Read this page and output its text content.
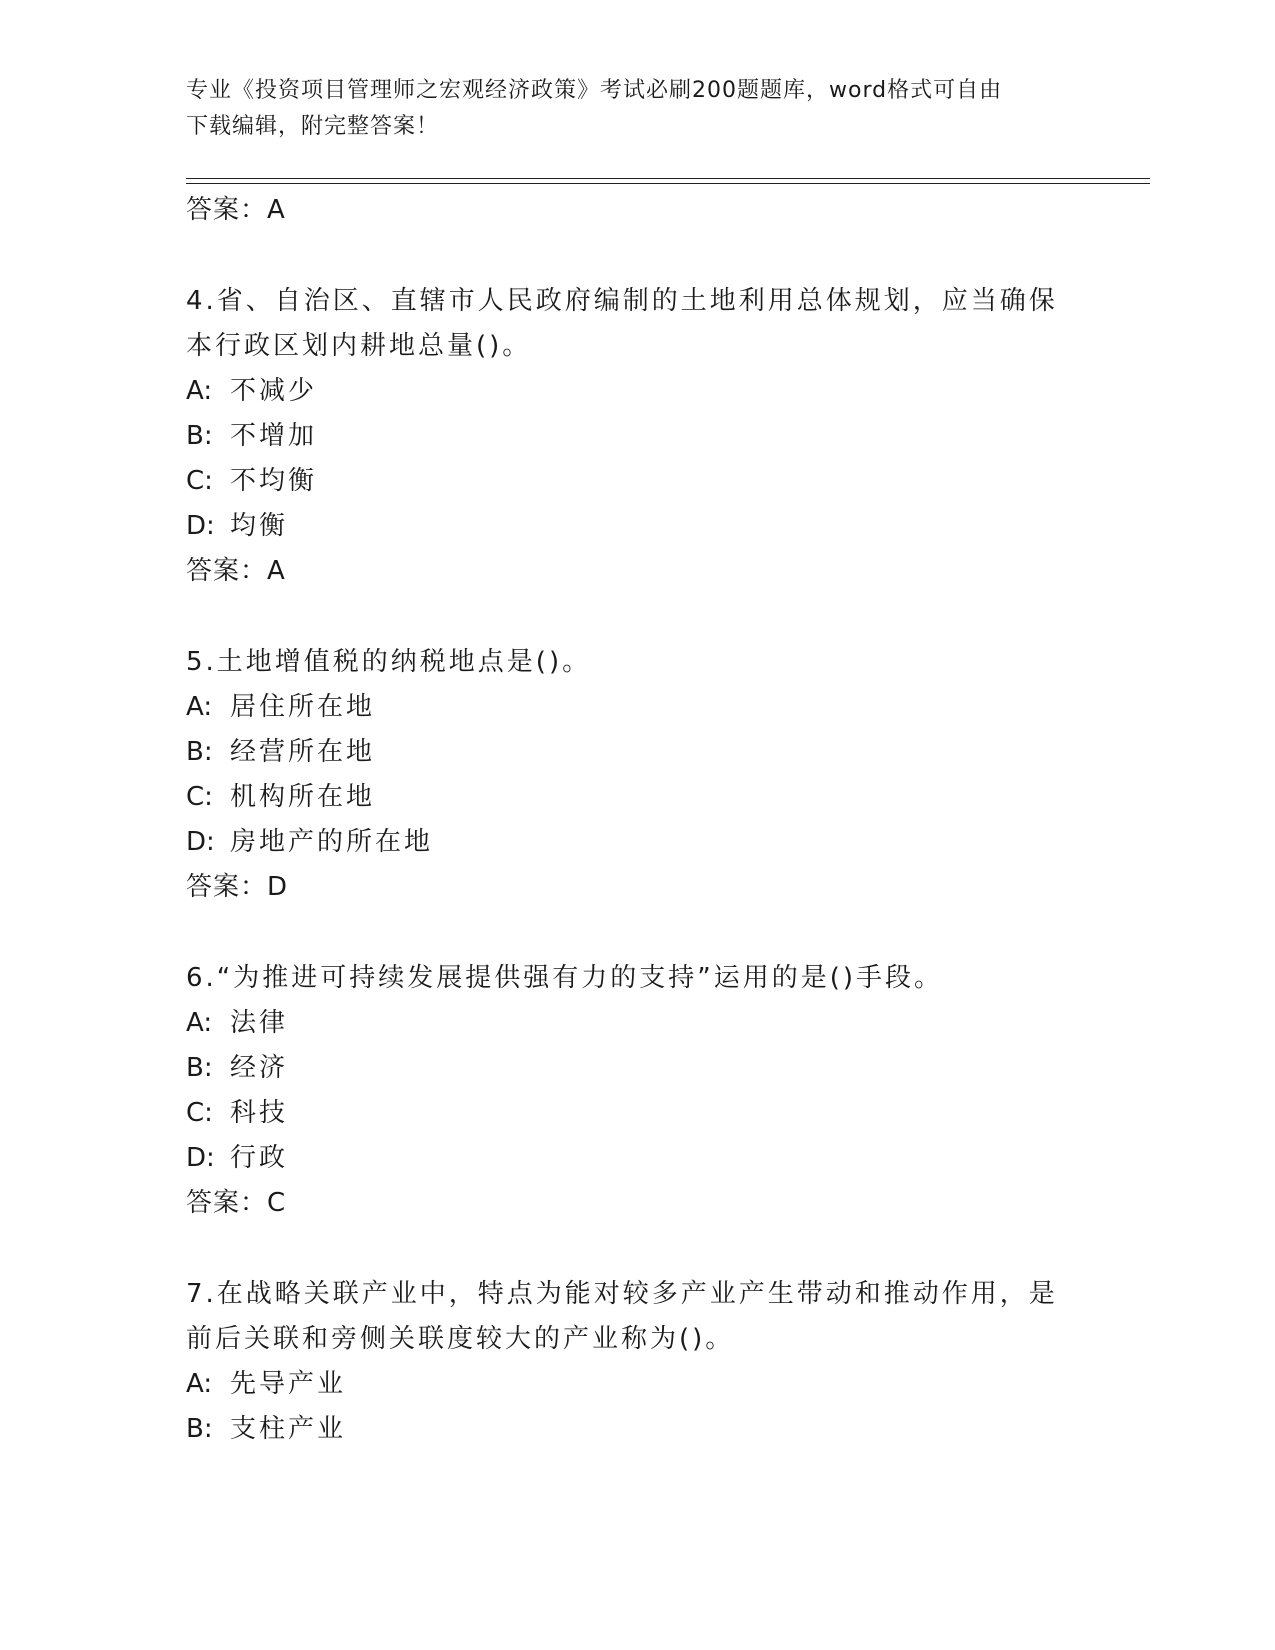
专业《投资项目管理师之宏观经济政策》考试必刷200题题库，word格式可自由
下载编辑，附完整答案！
答案：A
4.省、自治区、直辖市人民政府编制的土地利用总体规划，应当确保
本行政区划内耕地总量()。
A: 不减少
B: 不增加
C: 不均衡
D: 均衡
答案：A
5.土地增值税的纳税地点是()。
A: 居住所在地
B: 经营所在地
C: 机构所在地
D: 房地产的所在地
答案：D
6.“为推进可持续发展提供强有力的支持”运用的是()手段。
A: 法律
B: 经济
C: 科技
D: 行政
答案：C
7.在战略关联产业中，特点为能对较多产业产生带动和推动作用，是
前后关联和旁侧关联度较大的产业称为()。
A: 先导产业
B: 支柱产业
